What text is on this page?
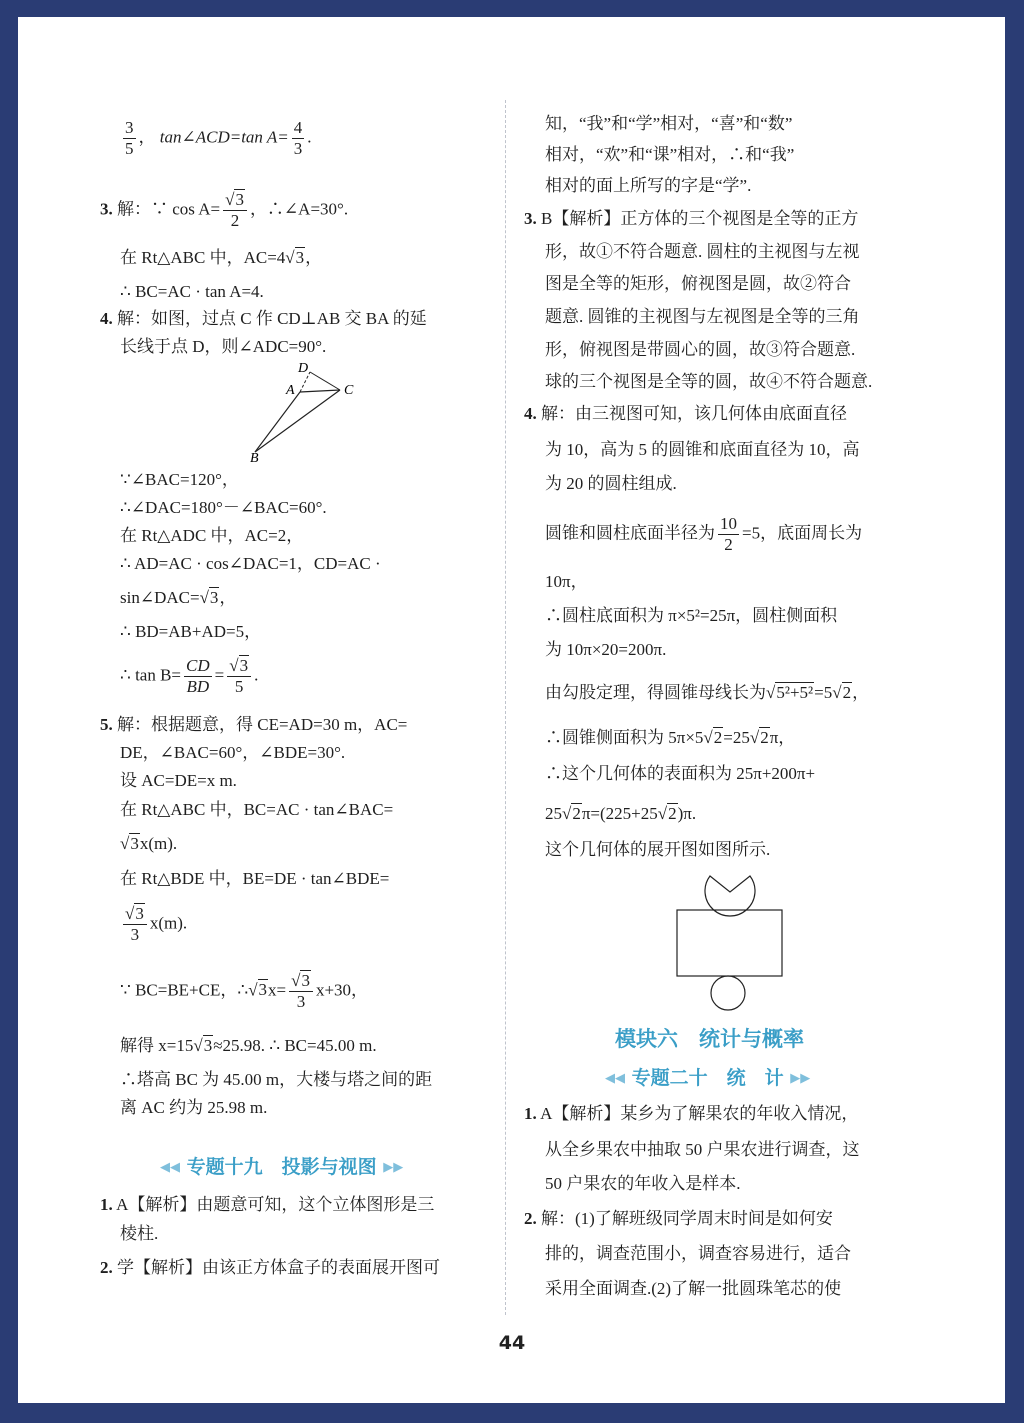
$\frac{3}{5}$ ， tan∠ACD=tan $A= \frac{4}{3}$ .
3. 解：∵ $\cos A= \frac{√3}{2}$ ，∴∠A=30°.
在 Rt△ABC 中，AC=4√3，
∴ BC=AC · tan A=4.
4. 解：如图，过点 C 作 CD⊥AB 交 BA 的延
长线于点 D，则∠ADC=90°.
D
A	C
B
∵∠BAC=120°，
∴∠DAC=180°－∠BAC=60°.
在 Rt△ADC 中，AC=2，
∴ AD=AC · cos∠DAC=1，CD=AC ·
sin∠DAC=√3，
∴ BD=AB+AD=5，
∴ $\tan B= \frac{CD}{BD} = \frac{√3}{5}$ .
5. 解：根据题意，得 CE=AD=30 m，AC=
DE，∠BAC=60°，∠BDE=30°.
设 AC=DE=x m.
在 Rt△ABC 中，BC=AC · tan∠BAC=
√3x(m).
在 Rt△BDE 中，BE=DE · tan∠BDE=
$\frac{√3}{3} x(m)$.
∵ BC=BE+CE，∴√3x= $\frac{√3}{3} x+30$，
解得 x=15√3≈25.98. ∴ BC=45.00 m.
∴塔高 BC 为 45.00 m，大楼与塔之间的距
离 AC 约为 25.98 m.
◀◀ 专题十九　投影与视图 ▶▶
1. A【解析】由题意可知，这个立体图形是三
棱柱.
2. 学【解析】由该正方体盒子的表面展开图可
知，“我”和“学”相对，“喜”和“数”
相对，“欢”和“课”相对，∴和“我”
相对的面上所写的字是“学”.
3. B【解析】正方体的三个视图是全等的正方
形，故①不符合题意. 圆柱的主视图与左视
图是全等的矩形，俯视图是圆，故②符合
题意. 圆锥的主视图与左视图是全等的三角
形，俯视图是带圆心的圆，故③符合题意.
球的三个视图是全等的圆，故④不符合题意.
4. 解：由三视图可知，该几何体由底面直径
为 10，高为 5 的圆锥和底面直径为 10，高
为 20 的圆柱组成.
圆锥和圆柱底面半径为 $\frac{10}{2} =5$，底面周长为
10π，
∴圆柱底面积为 π×5²=25π，圆柱侧面积
为 10π×20=200π.
由勾股定理，得圆锥母线长为√5²+5²=5√2，
∴圆锥侧面积为 5π×5√2=25√2π，
∴这个几何体的表面积为 25π+200π+
25√2π=(225+25√2)π.
这个几何体的展开图如图所示.
模块六　统计与概率
◀◀ 专题二十　统　计 ▶▶
1. A【解析】某乡为了解果农的年收入情况，
从全乡果农中抽取 50 户果农进行调查，这
50 户果农的年收入是样本.
2. 解：(1)了解班级同学周末时间是如何安
排的，调查范围小，调查容易进行，适合
采用全面调查.(2)了解一批圆珠笔芯的使
44
